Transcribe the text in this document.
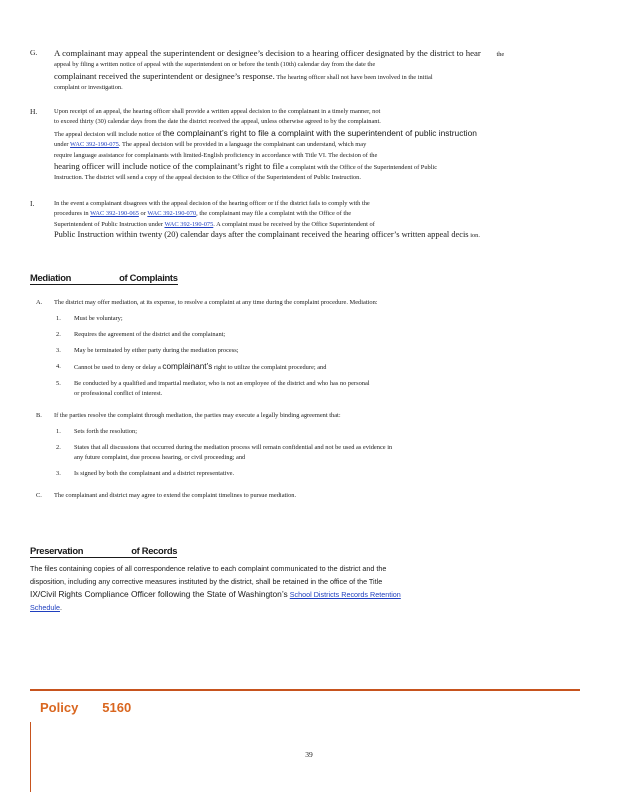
G. A complainant may appeal the superintendent or designee’s decision to a hearing officer designated by the district to hear the
appeal by filing a written notice of appeal with the superintendent on or before the tenth (10th) calendar day from the date the
complainant received the superintendent or designee’s response. The hearing officer shall not have been involved in the initial
complaint or investigation.
H.	Upon receipt of an appeal, the hearing officer shall provide a written appeal decision to the complainant in a timely manner, not
to exceed thirty (30) calendar days from the date the district received the appeal, unless otherwise agreed to by the complainant.
The appeal decision will include notice of the complainant’s right to file a complaint with the superintendent of public instruction
under WAC 392-190-075. The appeal decision will be provided in a language the complainant can understand, which may
require language assistance for complainants with limited-English proficiency in accordance with Title VI. The decision of the
hearing officer will include notice of the complainant’s right to file a complaint with the Office of the Superintendent of Public
Instruction. The district will send a copy of the appeal decision to the Office of the Superintendent of Public Instruction.
I.	In the event a complainant disagrees with the appeal decision of the hearing officer or if the district fails to comply with the
procedures in WAC 392-190-065 or WAC 392-190-070, the complainant may file a complaint with the Office of the
Superintendent of Public Instruction under WAC 392-190-075. A complaint must be received by the Office Superintendent of
Public Instruction within twenty (20) calendar days after the complainant received the hearing officer’s written appeal decis ion.
Mediation	of Complaints
A. The district may offer mediation, at its expense, to resolve a complaint at any time during the complaint procedure. Mediation:
1. Must be voluntary;
2. Requires the agreement of the district and the complainant;
3. May be terminated by either party during the mediation process;
4. Cannot be used to deny or delay a complainant’s right to utilize the complaint procedure; and
5. Be conducted by a qualified and impartial mediator, who is not an employee of the district and who has no personal
or professional conflict of interest.
B. If the parties resolve the complaint through mediation, the parties may execute a legally binding agreement that:
1. Sets forth the resolution;
2. States that all discussions that occurred during the mediation process will remain confidential and not be used as evidence in
any future complaint, due process hearing, or civil proceeding; and
3. Is signed by both the complainant and a district representative.
C. The complainant and district may agree to extend the complaint timelines to pursue mediation.
Preservation	of Records
The files containing copies of all correspondence relative to each complaint communicated to the district and the
disposition, including any corrective measures instituted by the district, shall be retained in the office of the Title
IX/Civil Rights Compliance Officer following the State of Washington’s School Districts Records Retention
Schedule.
Policy 5160
39
